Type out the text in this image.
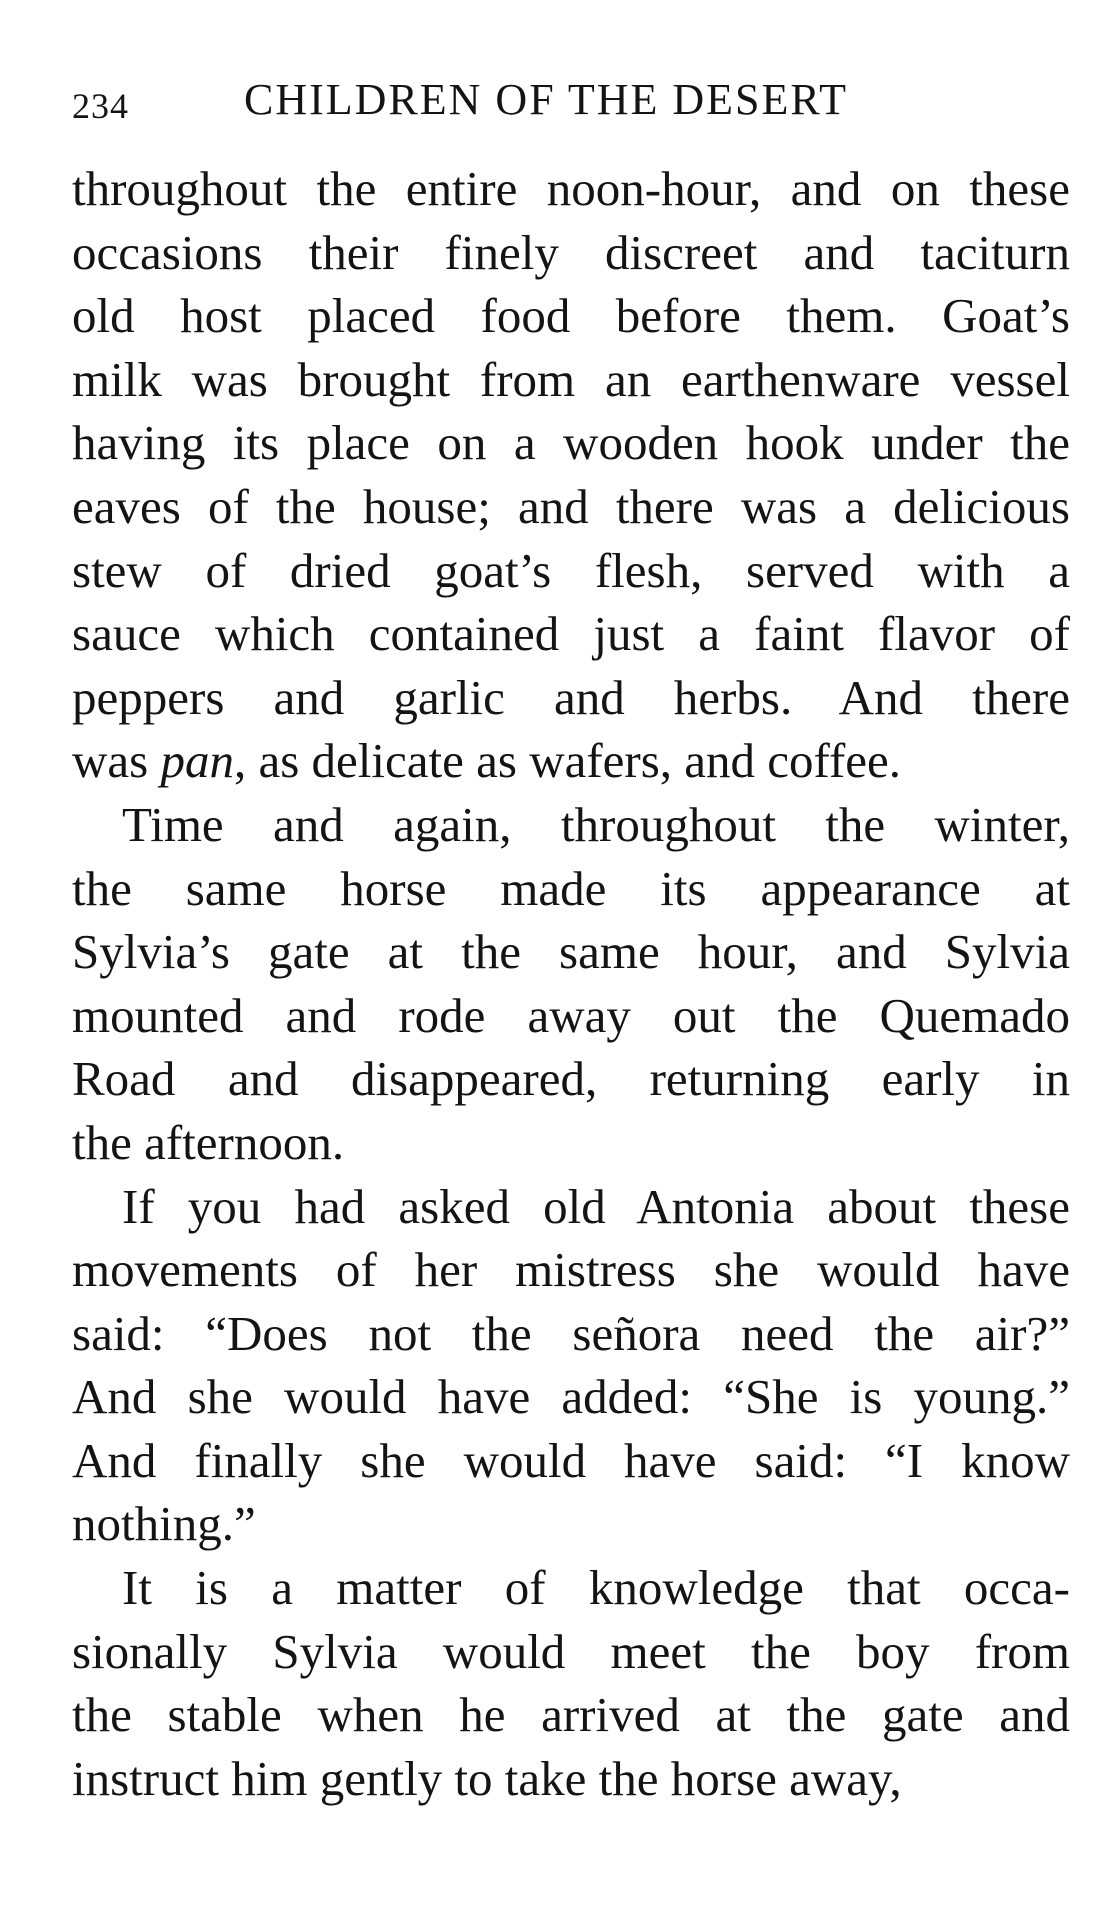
234	CHILDREN OF THE DESERT
throughout the entire noon-hour, and on these
occasions their finely discreet and taciturn
old host placed food before them. Goat’s
milk was brought from an earthenware vessel
having its place on a wooden hook under the
eaves of the house; and there was a delicious
stew of dried goat’s flesh, served with a
sauce which contained just a faint flavor of
peppers and garlic and herbs. And there
was pan, as delicate as wafers, and coffee.
Time and again, throughout the winter,
the same horse made its appearance at
Sylvia’s gate at the same hour, and Sylvia
mounted and rode away out the Quemado
Road and disappeared, returning early in
the afternoon.
If you had asked old Antonia about these
movements of her mistress she would have
said: “Does not the señora need the air?”
And she would have added: “She is young.”
And finally she would have said: “I know
nothing.”
It is a matter of knowledge that occa-
sionally Sylvia would meet the boy from
the stable when he arrived at the gate and
instruct him gently to take the horse away,
